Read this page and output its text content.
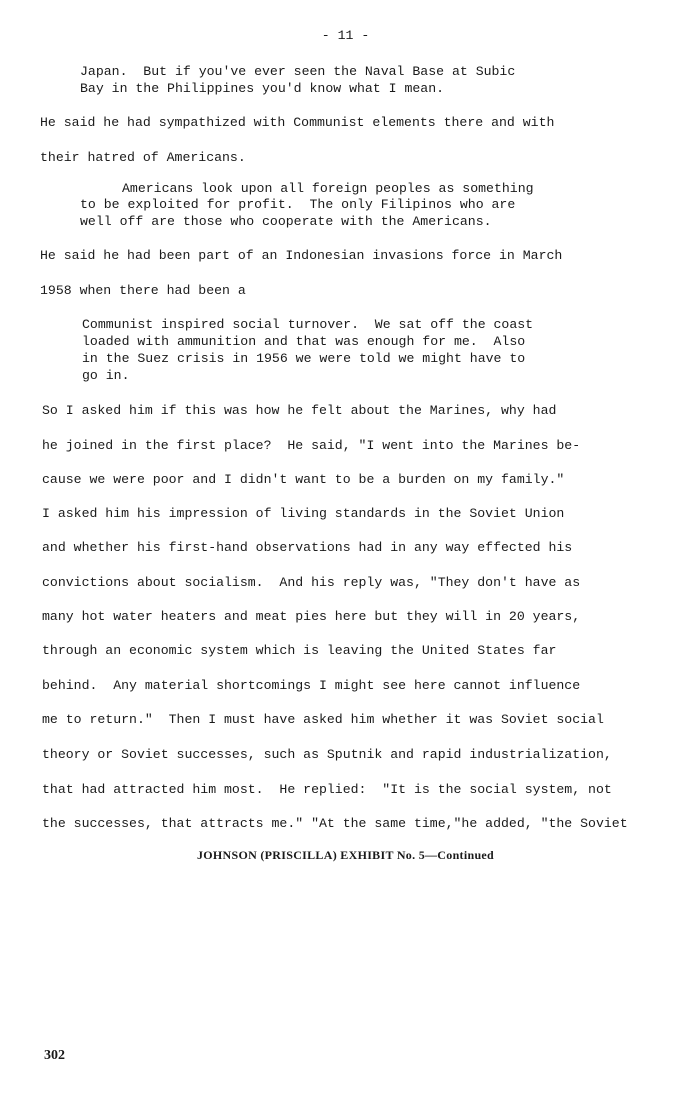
- 11 -
Japan.  But if you've ever seen the Naval Base at Subic
Bay in the Philippines you'd know what I mean.
He said he had sympathized with Communist elements there and with
their hatred of Americans.
Americans look upon all foreign peoples as something
to be exploited for profit.  The only Filipinos who are
well off are those who cooperate with the Americans.
He said he had been part of an Indonesian invasions force in March
1958 when there had been a
Communist inspired social turnover.  We sat off the coast
loaded with ammunition and that was enough for me.  Also
in the Suez crisis in 1956 we were told we might have to
go in.
So I asked him if this was how he felt about the Marines, why had
he joined in the first place?  He said, "I went into the Marines be-
cause we were poor and I didn't want to be a burden on my family."
I asked him his impression of living standards in the Soviet Union
and whether his first-hand observations had in any way effected his
convictions about socialism.  And his reply was, "They don't have as
many hot water heaters and meat pies here but they will in 20 years,
through an economic system which is leaving the United States far
behind.  Any material shortcomings I might see here cannot influence
me to return."  Then I must have asked him whether it was Soviet social
theory or Soviet successes, such as Sputnik and rapid industrialization,
that had attracted him most.  He replied:  "It is the social system, not
the successes, that attracts me." "At the same time,"he added, "the Soviet
JOHNSON (PRISCILLA) EXHIBIT No. 5—Continued
302
